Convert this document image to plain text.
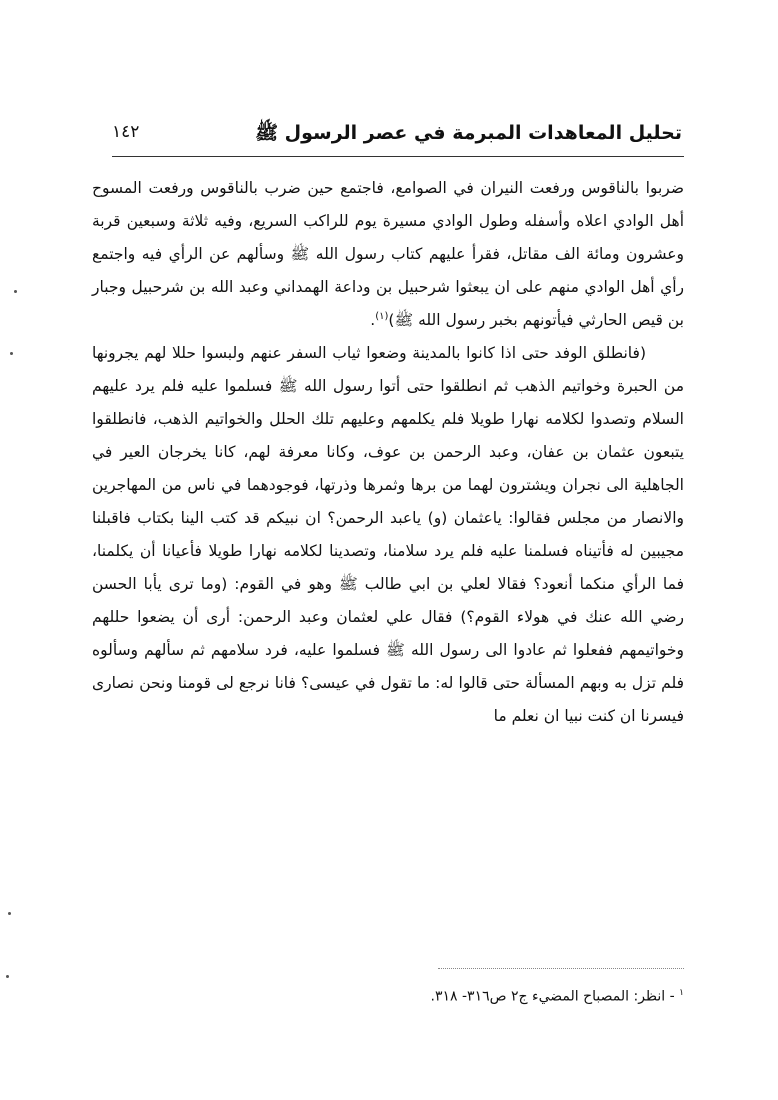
تحليل المعاهدات المبرمة في عصر الرسول ﷺ
١٤٢

ضربوا بالناقوس ورفعت النيران في الصوامع، فاجتمع حين ضرب بالناقوس ورفعت المسوح أهل الوادي اعلاه وأسفله وطول الوادي مسيرة يوم للراكب السريع، وفيه ثلاثة وسبعين قربة وعشرون ومائة الف مقاتل، فقرأ عليهم كتاب رسول الله ﷺ وسألهم عن الرأي فيه واجتمع رأي أهل الوادي منهم على ان يبعثوا شرحبيل بن وداعة الهمداني وعبد الله بن شرحبيل وجبار بن قيص الحارثي فيأتونهم بخبر رسول الله ﷺ)$^{(١)}$.

(فانطلق الوفد حتى اذا كانوا بالمدينة وضعوا ثياب السفر عنهم ولبسوا حللا لهم يجرونها من الحبرة وخواتيم الذهب ثم انطلقوا حتى أتوا رسول الله ﷺ فسلموا عليه فلم يرد عليهم السلام وتصدوا لكلامه نهارا طويلا فلم يكلمهم وعليهم تلك الحلل والخواتيم الذهب، فانطلقوا يتبعون عثمان بن عفان، وعبد الرحمن بن عوف، وكانا معرفة لهم، كانا يخرجان العير في الجاهلية الى نجران ويشترون لهما من برها وثمرها وذرتها، فوجودهما في ناس من المهاجرين والانصار من مجلس فقالوا: ياعثمان (و) ياعبد الرحمن؟ ان نبيكم قد كتب الينا بكتاب فاقبلنا مجيبين له فأتيناه فسلمنا عليه فلم يرد سلامنا، وتصدينا لكلامه نهارا طويلا فأعيانا أن يكلمنا، فما الرأي منكما أنعود؟ فقالا لعلي بن ابي طالب ﷺ وهو في القوم: (وما ترى يأبا الحسن رضي الله عنك في هولاء القوم؟) فقال علي لعثمان وعبد الرحمن: أرى أن يضعوا حللهم وخواتيمهم ففعلوا ثم عادوا الى رسول الله ﷺ فسلموا عليه، فرد سلامهم ثم سألهم وسألوه فلم تزل به وبهم المسألة حتى قالوا له: ما تقول في عيسى؟ فانا نرجع لى قومنا ونحن نصارى فيسرنا ان كنت نبيا ان نعلم ما

$^١$ - انظر: المصباح المضيء ج٢ ص٣١٦- ٣١٨.
